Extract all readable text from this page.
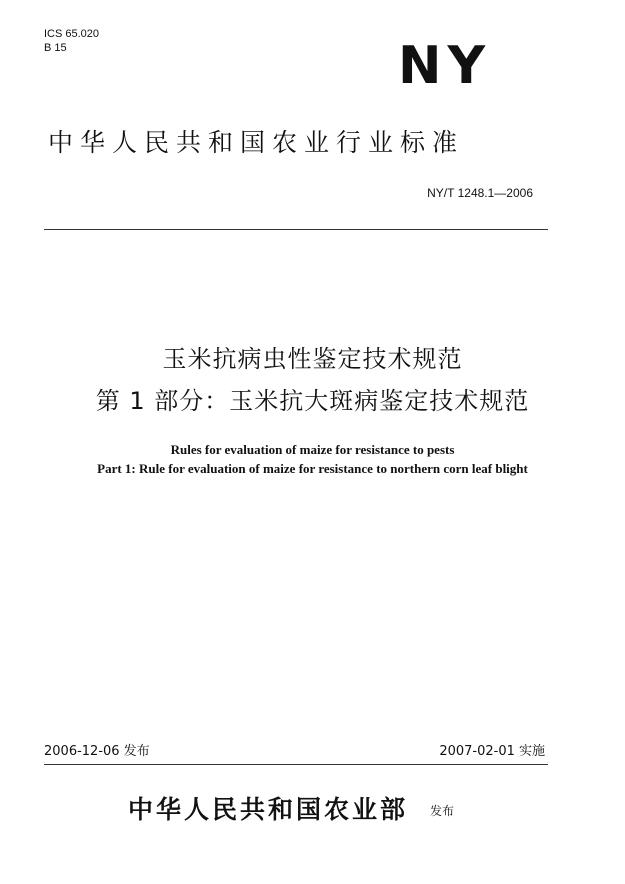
ICS 65.020
B 15	NY
中华人民共和国农业行业标准
NY/T 1248.1—2006
玉米抗病虫性鉴定技术规范
第 1 部分：玉米抗大斑病鉴定技术规范
Rules for evaluation of maize for resistance to pests
Part 1: Rule for evaluation of maize for resistance to northern corn leaf blight
2006-12-06 发布	2007-02-01 实施
中华人民共和国农业部 发布
